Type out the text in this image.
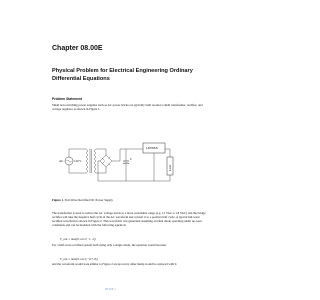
Chapter 08.00E
Physical Problem for Electrical Engineering Ordinary Differential Equations
Problem Statement
Small non-switching power supplies such as AC power bricks are typically built around a small transformer, rectifier, and voltage regulator as shown in Figure 1.
AC	120 V
C
LM78XX
Load
Figure 1. Full-Wave Rectified DC Power Supply
The transformer is used to reduce the AC voltage levels to a more reasonable range (e.g. 12 VAC or 18 VAC) and the bridge rectifier will take the negative half cycle of the AC waveform and convert it to a positive half cycle. A typical full-wave rectified waveform is shown in Figure 2. This waveform was generated assuming an ideal diode operating under no-load conditions and can be modeled with the following equation:
V_out = max(0, cos t|−1, 4|)
For a half-wave rectified system built using only a single diode, the equation would become:
V_out = max(0, cos t|−0.7, 8|)
and the waveform would look similar to Figure 2 except every other hump would be replaced with 0.
08.00E.1
